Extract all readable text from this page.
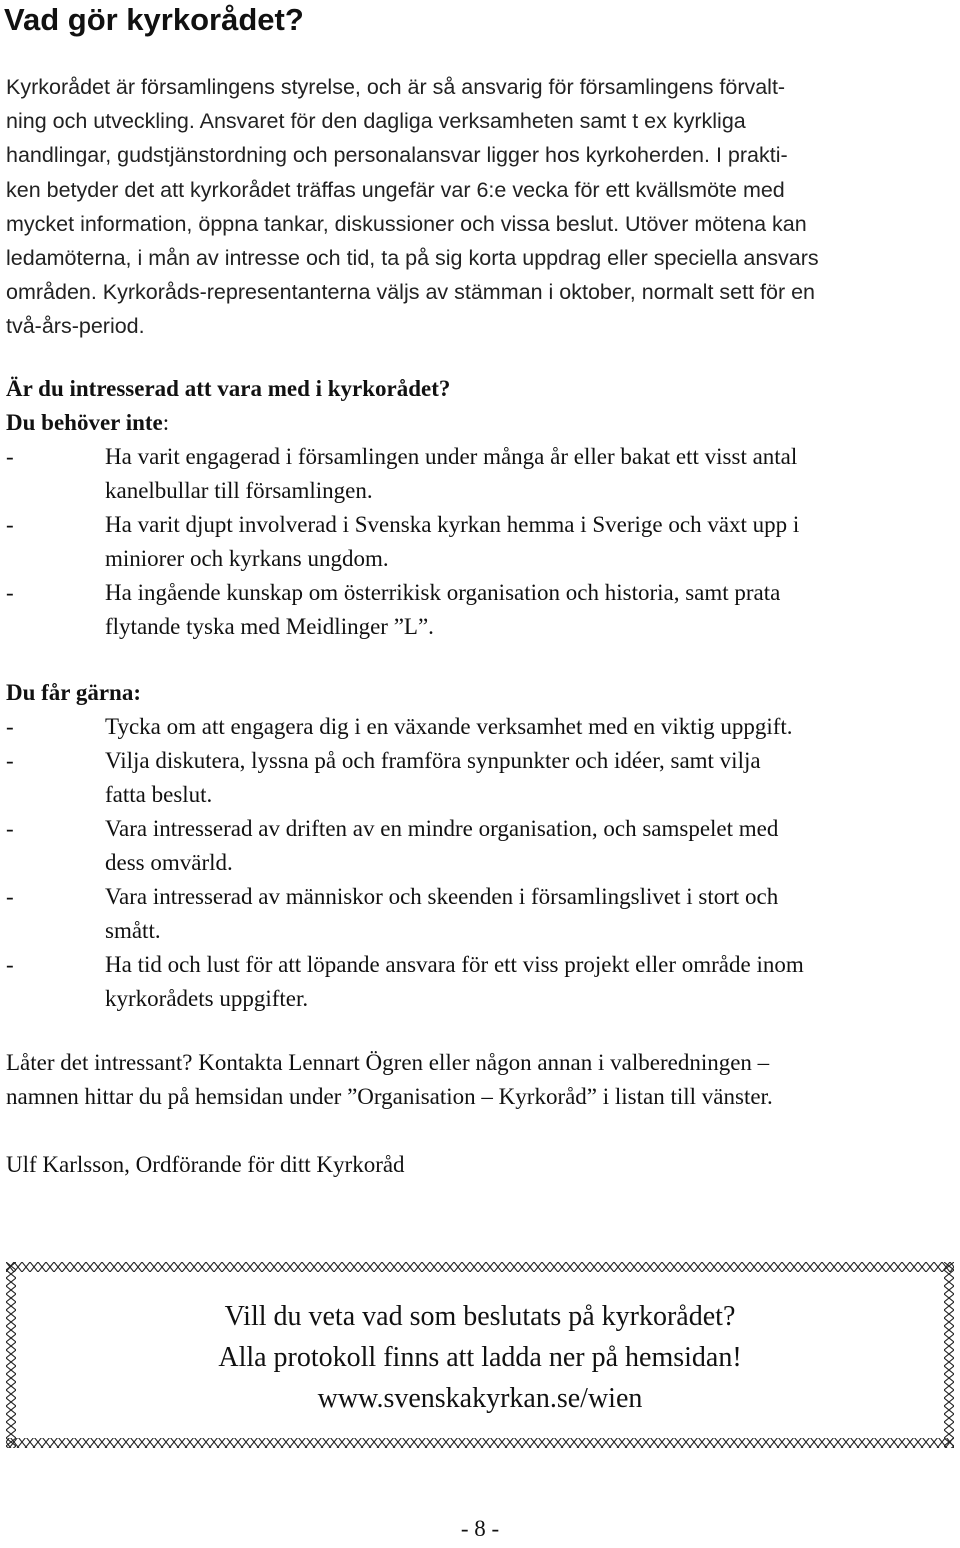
Vad gör kyrkorådet?
Kyrkorådet är församlingens styrelse, och är så ansvarig för församlingens förvalt-
ning och utveckling. Ansvaret för den dagliga verksamheten samt t ex kyrkliga
handlingar, gudstjänstordning och personalansvar ligger hos kyrkoherden. I prakti-
ken betyder det att kyrkorådet träffas ungefär var 6:e vecka för ett kvällsmöte med
mycket information, öppna tankar, diskussioner och vissa beslut. Utöver mötena kan
ledamöterna, i mån av intresse och tid, ta på sig korta uppdrag eller speciella ansvars
områden. Kyrkoråds-representanterna väljs av stämman i oktober, normalt sett för en
två-års-period.
Är du intresserad att vara med i kyrkorådet?
Du behöver inte:
-	Ha varit engagerad i församlingen under många år eller bakat ett visst antal
kanelbullar till församlingen.
-	Ha varit djupt involverad i Svenska kyrkan hemma i Sverige och växt upp i
miniorer och kyrkans ungdom.
-	Ha ingående kunskap om österrikisk organisation och historia, samt prata
flytande tyska med Meidlinger ”L”.
Du får gärna:
-	Tycka om att engagera dig i en växande verksamhet med en viktig uppgift.
-	Vilja diskutera, lyssna på och framföra synpunkter och idéer, samt vilja
fatta beslut.
-	Vara intresserad av driften av en mindre organisation, och samspelet med
dess omvärld.
-	Vara intresserad av människor och skeenden i församlingslivet i stort och
smått.
-	Ha tid och lust för att löpande ansvara för ett viss projekt eller område inom
kyrkorådets uppgifter.
Låter det intressant? Kontakta Lennart Ögren eller någon annan i valberedningen –
namnen hittar du på hemsidan under ”Organisation – Kyrkoråd” i listan till vänster.
Ulf Karlsson, Ordförande för ditt Kyrkoråd
Vill du veta vad som beslutats på kyrkorådet?
Alla protokoll finns att ladda ner på hemsidan!
www.svenskakyrkan.se/wien
- 8 -
